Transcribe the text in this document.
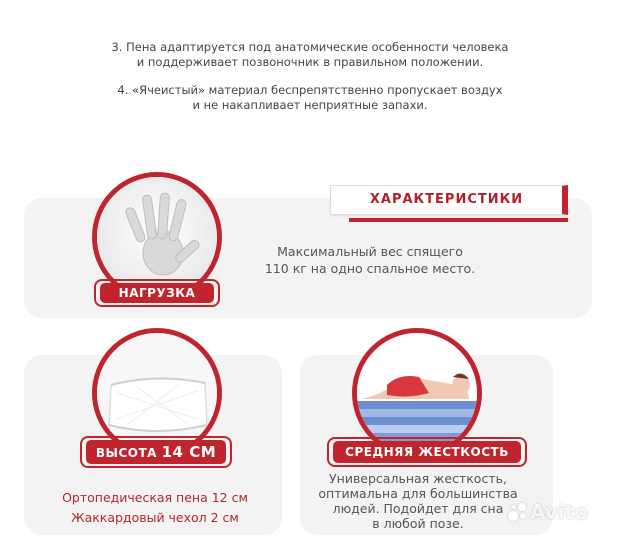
3. Пена адаптируется под анатомические особенности человека
и поддерживает позвоночник в правильном положении.
4. «Ячеистый» материал беспрепятственно пропускает воздух
и не накапливает неприятные запахи.
ХАРАКТЕРИСТИКИ
НАГРУЗКА
Максимальный вес спящего
110 кг на одно спальное место.
ВЫСОТА 14 СМ
Ортопедическая пена 12 см
Жаккардовый чехол 2 см
СРЕДНЯЯ ЖЕСТКОСТЬ
Универсальная жесткость,
оптимальна для большинства
людей. Подойдет для сна
в любой позе.	Avito
